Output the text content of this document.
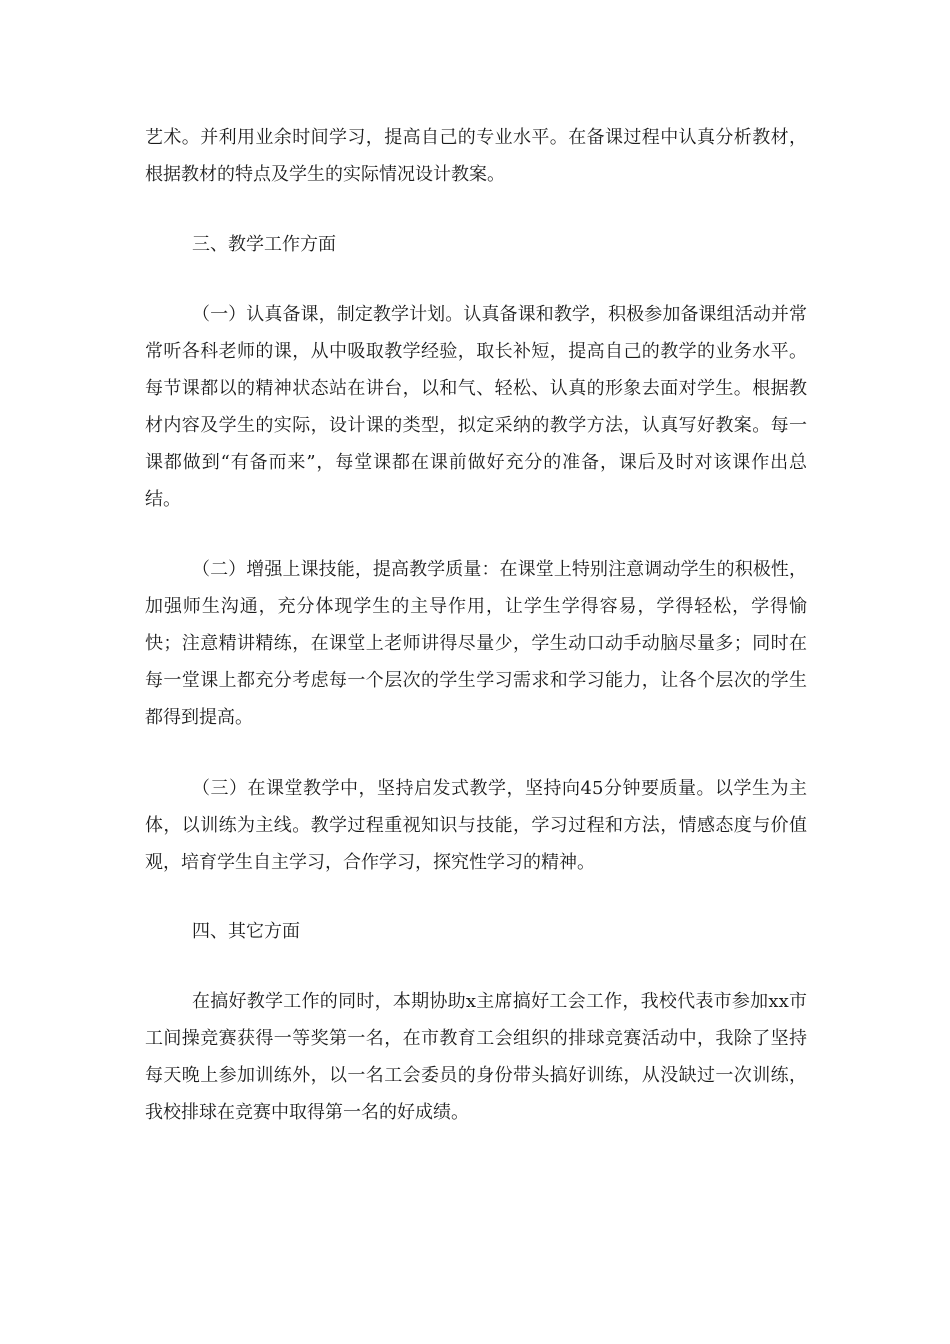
艺术。并利用业余时间学习，提高自己的专业水平。在备课过程中认真分析教材，根据教材的特点及学生的实际情况设计教案。

三、教学工作方面

（一）认真备课，制定教学计划。认真备课和教学，积极参加备课组活动并常常听各科老师的课，从中吸取教学经验，取长补短，提高自己的教学的业务水平。每节课都以的精神状态站在讲台，以和气、轻松、认真的形象去面对学生。根据教材内容及学生的实际，设计课的类型，拟定采纳的教学方法，认真写好教案。每一课都做到“有备而来”，每堂课都在课前做好充分的准备，课后及时对该课作出总结。

（二）增强上课技能，提高教学质量：在课堂上特别注意调动学生的积极性，加强师生沟通，充分体现学生的主导作用，让学生学得容易，学得轻松，学得愉快；注意精讲精练，在课堂上老师讲得尽量少，学生动口动手动脑尽量多；同时在每一堂课上都充分考虑每一个层次的学生学习需求和学习能力，让各个层次的学生都得到提高。

（三）在课堂教学中，坚持启发式教学，坚持向45分钟要质量。以学生为主体，以训练为主线。教学过程重视知识与技能，学习过程和方法，情感态度与价值观，培育学生自主学习，合作学习，探究性学习的精神。

四、其它方面

在搞好教学工作的同时，本期协助x主席搞好工会工作，我校代表市参加xx市工间操竞赛获得一等奖第一名，在市教育工会组织的排球竞赛活动中，我除了坚持每天晚上参加训练外，以一名工会委员的身份带头搞好训练，从没缺过一次训练，我校排球在竞赛中取得第一名的好成绩。
